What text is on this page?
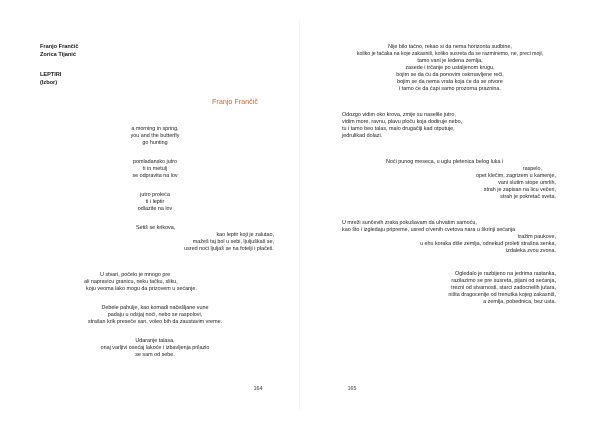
Franjo Frančič
Zorica Tijanić
LEPTIRI
(Izbor)
Franjo Frančič
a morning in spring,
you and the butterfly
go hunting
pomladansko jutro
ti in metulj
se odpravita na lov
jutro proleća
ti i leptir
odlazite na lov
Setiš se krikova,
kao leptir koji je zalutao,
mažeš taj bol u sebi, ljuljuškaš se,
usred noći ljuljaš se na fotelji i plačeš.
U stvari, počelo je mnogo pre
ali napravicu granicu, neku tačku, sliku,
koju veoma lako mogu da prizovem u sećanje.
Debele pahulje, kao komadi načešljane vune
padaju u odsjaj noći, nebo se raspolovi,
strašan krik preseče san, voleo bih da zaustavim vreme.
Udaranje talasa,
onaj varljivi osećaj lakoće i izbavljenja prilazio
se sam od sebe.
164
Nije bilo tačno, rekao si da nema horizonta sudbine,
koliko je tačaka na koje zakasniš, koliko susreta da se razminemo, ne, preci moji,
tamo vani je ledena zemlja,
zasede i trčanje po ustaljenom krugu,
bojim se da ću da ponovim oskrnavljene reči,
bojim se da nema vrata koja će da se otvore
i tamo će da ćapi samo prozorna praznina.
Odozgo vidim oko krova, zmije su naselile jutro,
vidim more, ravnu, plavu ploču koja dodiruje nebo,
tu i tamo beo talas, malo drugačiji kad otputuje,
jedrulikad dolazi.
Noći punog meseca, u uglu pletenica belog luka i
raspelo,
opet klečim, zagrizem u kamenje,
vani slutim stope umrlih,
strah je zapisan na licu večeri,
strah je pokretač sveta.
U mreži sunčevih zraka pokušavam da uhvatim samoću,
kao što i izgledaju pripreme, usred crvenih cvetova nara u škrinji sećanja
tražim paukove,
u ehu koraka diše zemlja, odnekud proleti strašna senka,
izdaleka zvou zvona.
Ogledalo je razbijeno na jedrima rastanka,
razilazimo se pre susreta, pijani od sećanja,
trezni od stvarnosti, starci zadocnelih jutara,
ništa dragocenije od trenutka kojeg zakasniš,
a zemlja, pobednica, bez usta.
165
